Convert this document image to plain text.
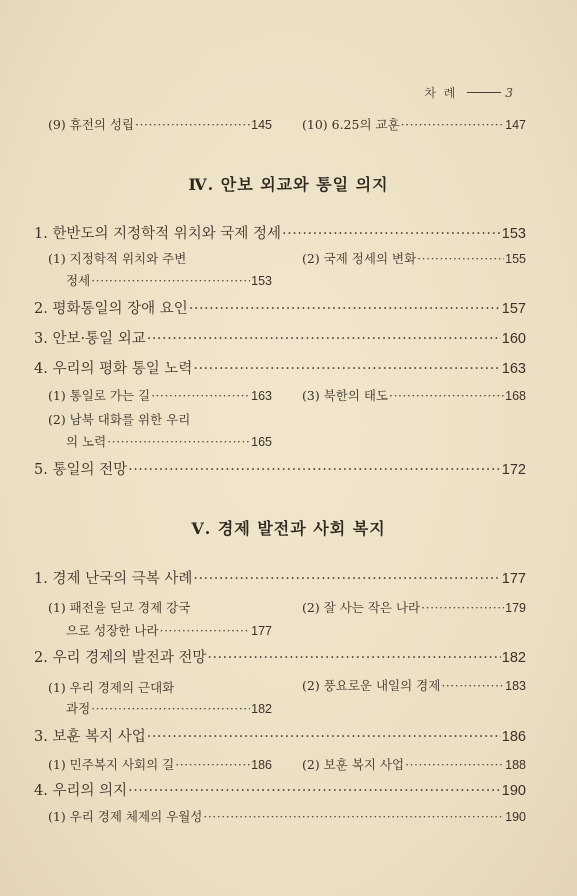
차 례	3
(9) 휴전의 성립 ·····	145 (10) 6.25의 교훈 ·····	147
Ⅳ. 안보 외교와 통일 의지
1. 한반도의 지정학적 위치와 국제 정세 ·····	153
(1) 지정학적 위치와 주변	(2) 국제 정세의 변화 ·····	155
정세 ·····	153
2. 평화통일의 장애 요인 ·····	157
3. 안보·통일 외교 ·····	160
4. 우리의 평화 통일 노력 ·····	163
(1) 통일로 가는 길 ·····	163 (3) 북한의 태도 ·····	168
(2) 남북 대화를 위한 우리
의 노력 ·····	165
5. 통일의 전망 ·····	172
Ⅴ. 경제 발전과 사회 복지
1. 경제 난국의 극복 사례 ·····	177
(1) 패전을 딛고 경제 강국	(2) 잘 사는 작은 나라 ·····	179
으로 성장한 나라 ·····	177
2. 우리 경제의 발전과 전망 ·····	182
(1) 우리 경제의 근대화	(2) 풍요로운 내일의 경제 ·····	183
과정 ·····	182
3. 보훈 복지 사업 ·····	186
(1) 민주복지 사회의 길 ·····	186 (2) 보훈 복지 사업 ·····	188
4. 우리의 의지 ·····	190
(1) 우리 경제 체제의 우월성 ·····	190
